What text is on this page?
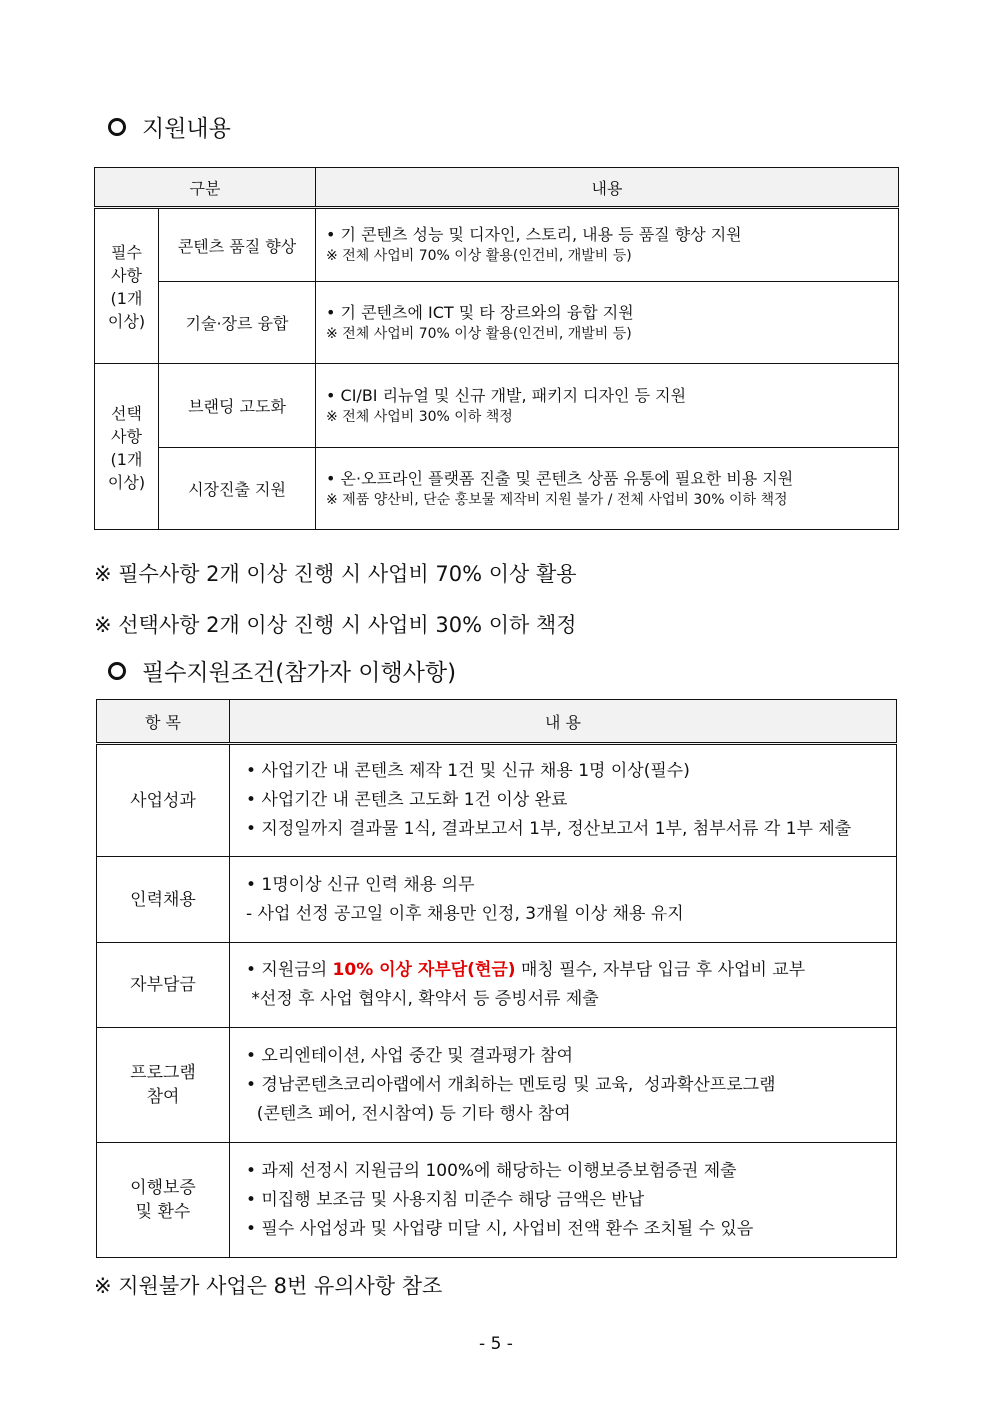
지원내용
구분		내용

필수
사항
(1개
이상)	콘텐츠 품질 향상	• 기 콘텐츠 성능 및 디자인, 스토리, 내용 등 품질 향상 지원
※ 전체 사업비 70% 이상 활용(인건비, 개발비 등)

	기술·장르 융합	• 기 콘텐츠에 ICT 및 타 장르와의 융합 지원
※ 전체 사업비 70% 이상 활용(인건비, 개발비 등)

선택
사항
(1개
이상)	브랜딩 고도화	• CI/BI 리뉴얼 및 신규 개발, 패키지 디자인 등 지원
※ 전체 사업비 30% 이하 책정

	시장진출 지원	• 온·오프라인 플랫폼 진출 및 콘텐츠 상품 유통에 필요한 비용 지원
※ 제품 양산비, 단순 홍보물 제작비 지원 불가 / 전체 사업비 30% 이하 책정
※ 필수사항 2개 이상 진행 시 사업비 70% 이상 활용
※ 선택사항 2개 이상 진행 시 사업비 30% 이하 책정
필수지원조건(참가자 이행사항)
항 목	내 용

사업성과	• 사업기간 내 콘텐츠 제작 1건 및 신규 채용 1명 이상(필수)
• 사업기간 내 콘텐츠 고도화 1건 이상 완료
• 지정일까지 결과물 1식, 결과보고서 1부, 정산보고서 1부, 첨부서류 각 1부 제출

인력채용	• 1명이상 신규 인력 채용 의무
- 사업 선정 공고일 이후 채용만 인정, 3개월 이상 채용 유지

자부담금	• 지원금의 10% 이상 자부담(현금) 매칭 필수, 자부담 입금 후 사업비 교부
*선정 후 사업 협약시, 확약서 등 증빙서류 제출

프로그램
참여	• 오리엔테이션, 사업 중간 및 결과평가 참여
• 경남콘텐츠코리아랩에서 개최하는 멘토링 및 교육,  성과확산프로그램
(콘텐츠 페어, 전시참여) 등 기타 행사 참여

이행보증
및 환수	• 과제 선정시 지원금의 100%에 해당하는 이행보증보험증권 제출
• 미집행 보조금 및 사용지침 미준수 해당 금액은 반납
• 필수 사업성과 및 사업량 미달 시, 사업비 전액 환수 조치될 수 있음
※ 지원불가 사업은 8번 유의사항 참조
- 5 -
